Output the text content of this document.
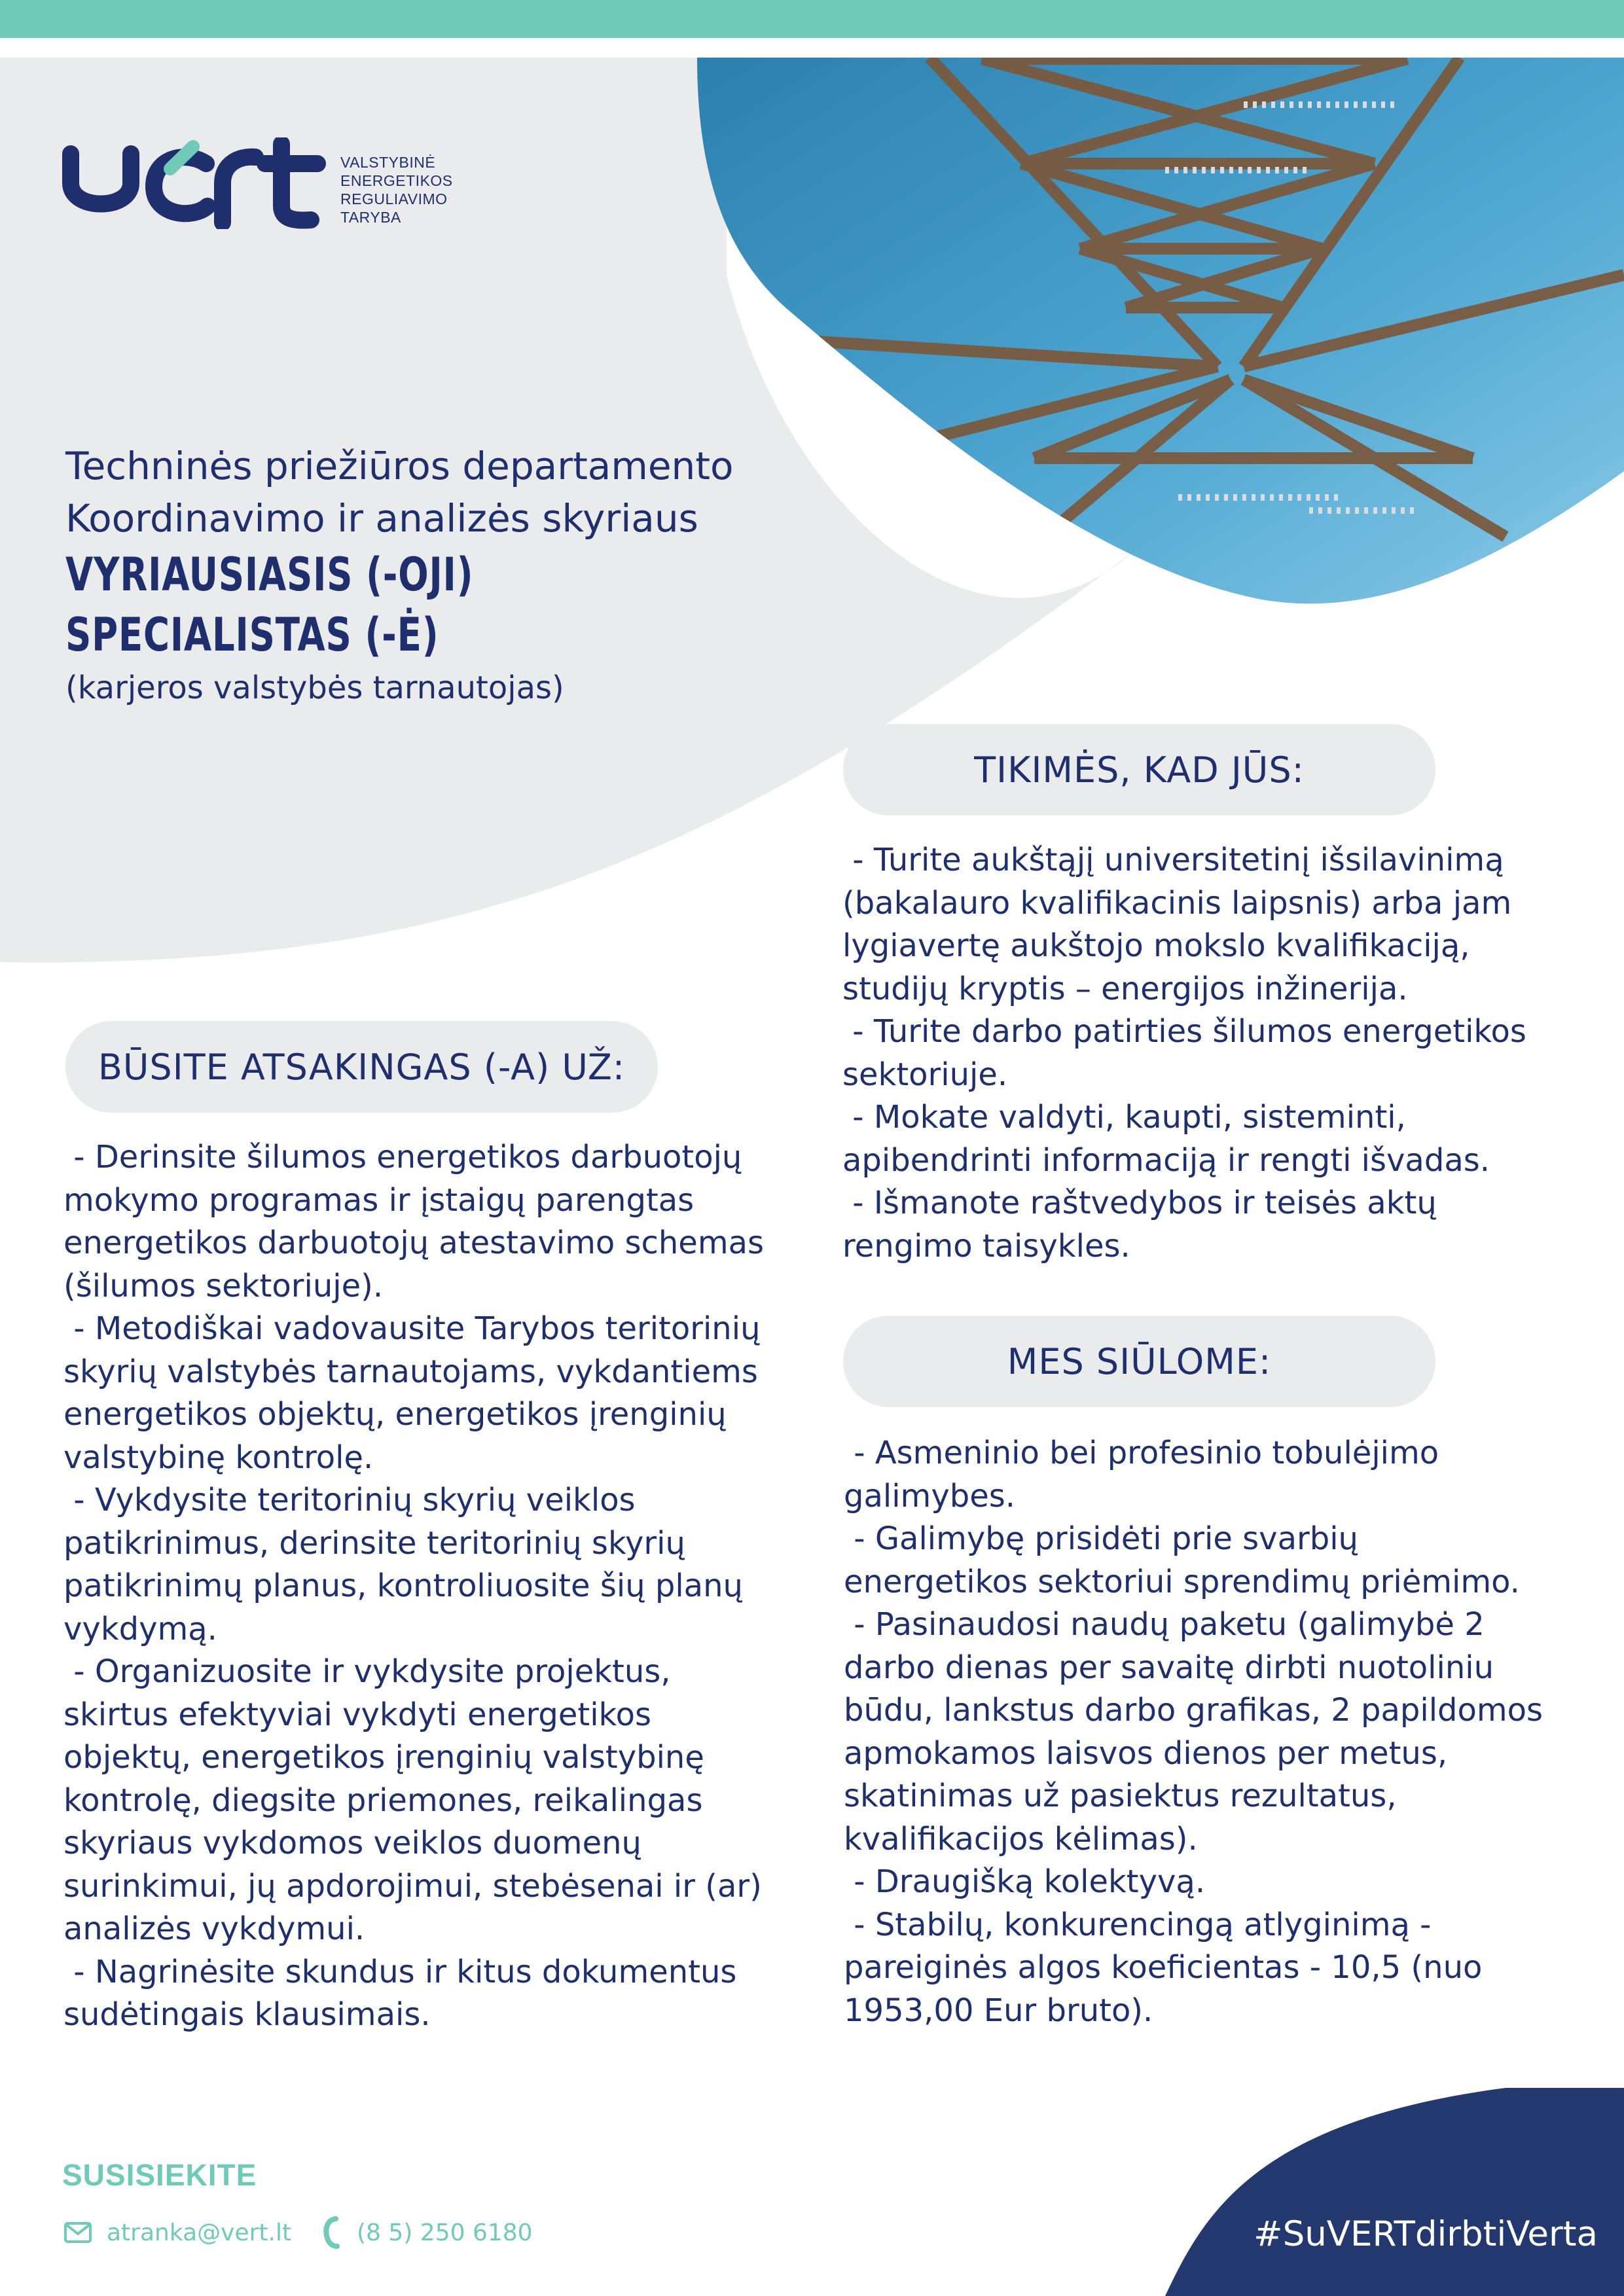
VALSTYBINĖ
ENERGETIKOS
REGULIAVIMO
TARYBA
Techninės priežiūros departamento
Koordinavimo ir analizės skyriaus
VYRIAUSIASIS (-OJI) SPECIALISTAS (-Ė)
(karjeros valstybės tarnautojas)
TIKIMĖS, KAD JŪS:
BŪSITE ATSAKINGAS (-A) UŽ:
MES SIŪLOME:
- Derinsite šilumos energetikos darbuotojų
mokymo programas ir įstaigų parengtas
energetikos darbuotojų atestavimo schemas
(šilumos sektoriuje).
- Metodiškai vadovausite Tarybos teritorinių
skyrių valstybės tarnautojams, vykdantiems
energetikos objektų, energetikos įrenginių
valstybinę kontrolę.
- Vykdysite teritorinių skyrių veiklos
patikrinimus, derinsite teritorinių skyrių
patikrinimų planus, kontroliuosite šių planų
vykdymą.
- Organizuosite ir vykdysite projektus,
skirtus efektyviai vykdyti energetikos
objektų, energetikos įrenginių valstybinę
kontrolę, diegsite priemones, reikalingas
skyriaus vykdomos veiklos duomenų
surinkimui, jų apdorojimui, stebėsenai ir (ar)
analizės vykdymui.
- Nagrinėsite skundus ir kitus dokumentus
sudėtingais klausimais.
- Turite aukštąjį universitetinį išsilavinimą
(bakalauro kvalifikacinis laipsnis) arba jam
lygiavertę aukštojo mokslo kvalifikaciją,
studijų kryptis – energijos inžinerija.
- Turite darbo patirties šilumos energetikos
sektoriuje.
- Mokate valdyti, kaupti, sisteminti,
apibendrinti informaciją ir rengti išvadas.
- Išmanote raštvedybos ir teisės aktų
rengimo taisykles.
- Asmeninio bei profesinio tobulėjimo
galimybes.
- Galimybę prisidėti prie svarbių
energetikos sektoriui sprendimų priėmimo.
- Pasinaudosi naudų paketu (galimybė 2
darbo dienas per savaitę dirbti nuotoliniu
būdu, lankstus darbo grafikas, 2 papildomos
apmokamos laisvos dienos per metus,
skatinimas už pasiektus rezultatus,
kvalifikacijos kėlimas).
- Draugišką kolektyvą.
- Stabilų, konkurencingą atlyginimą -
pareiginės algos koeficientas - 10,5 (nuo
1953,00 Eur bruto).
SUSISIEKITE
atranka@vert.lt	(8 5) 250 6180	#SuVERTdirbtiVerta
